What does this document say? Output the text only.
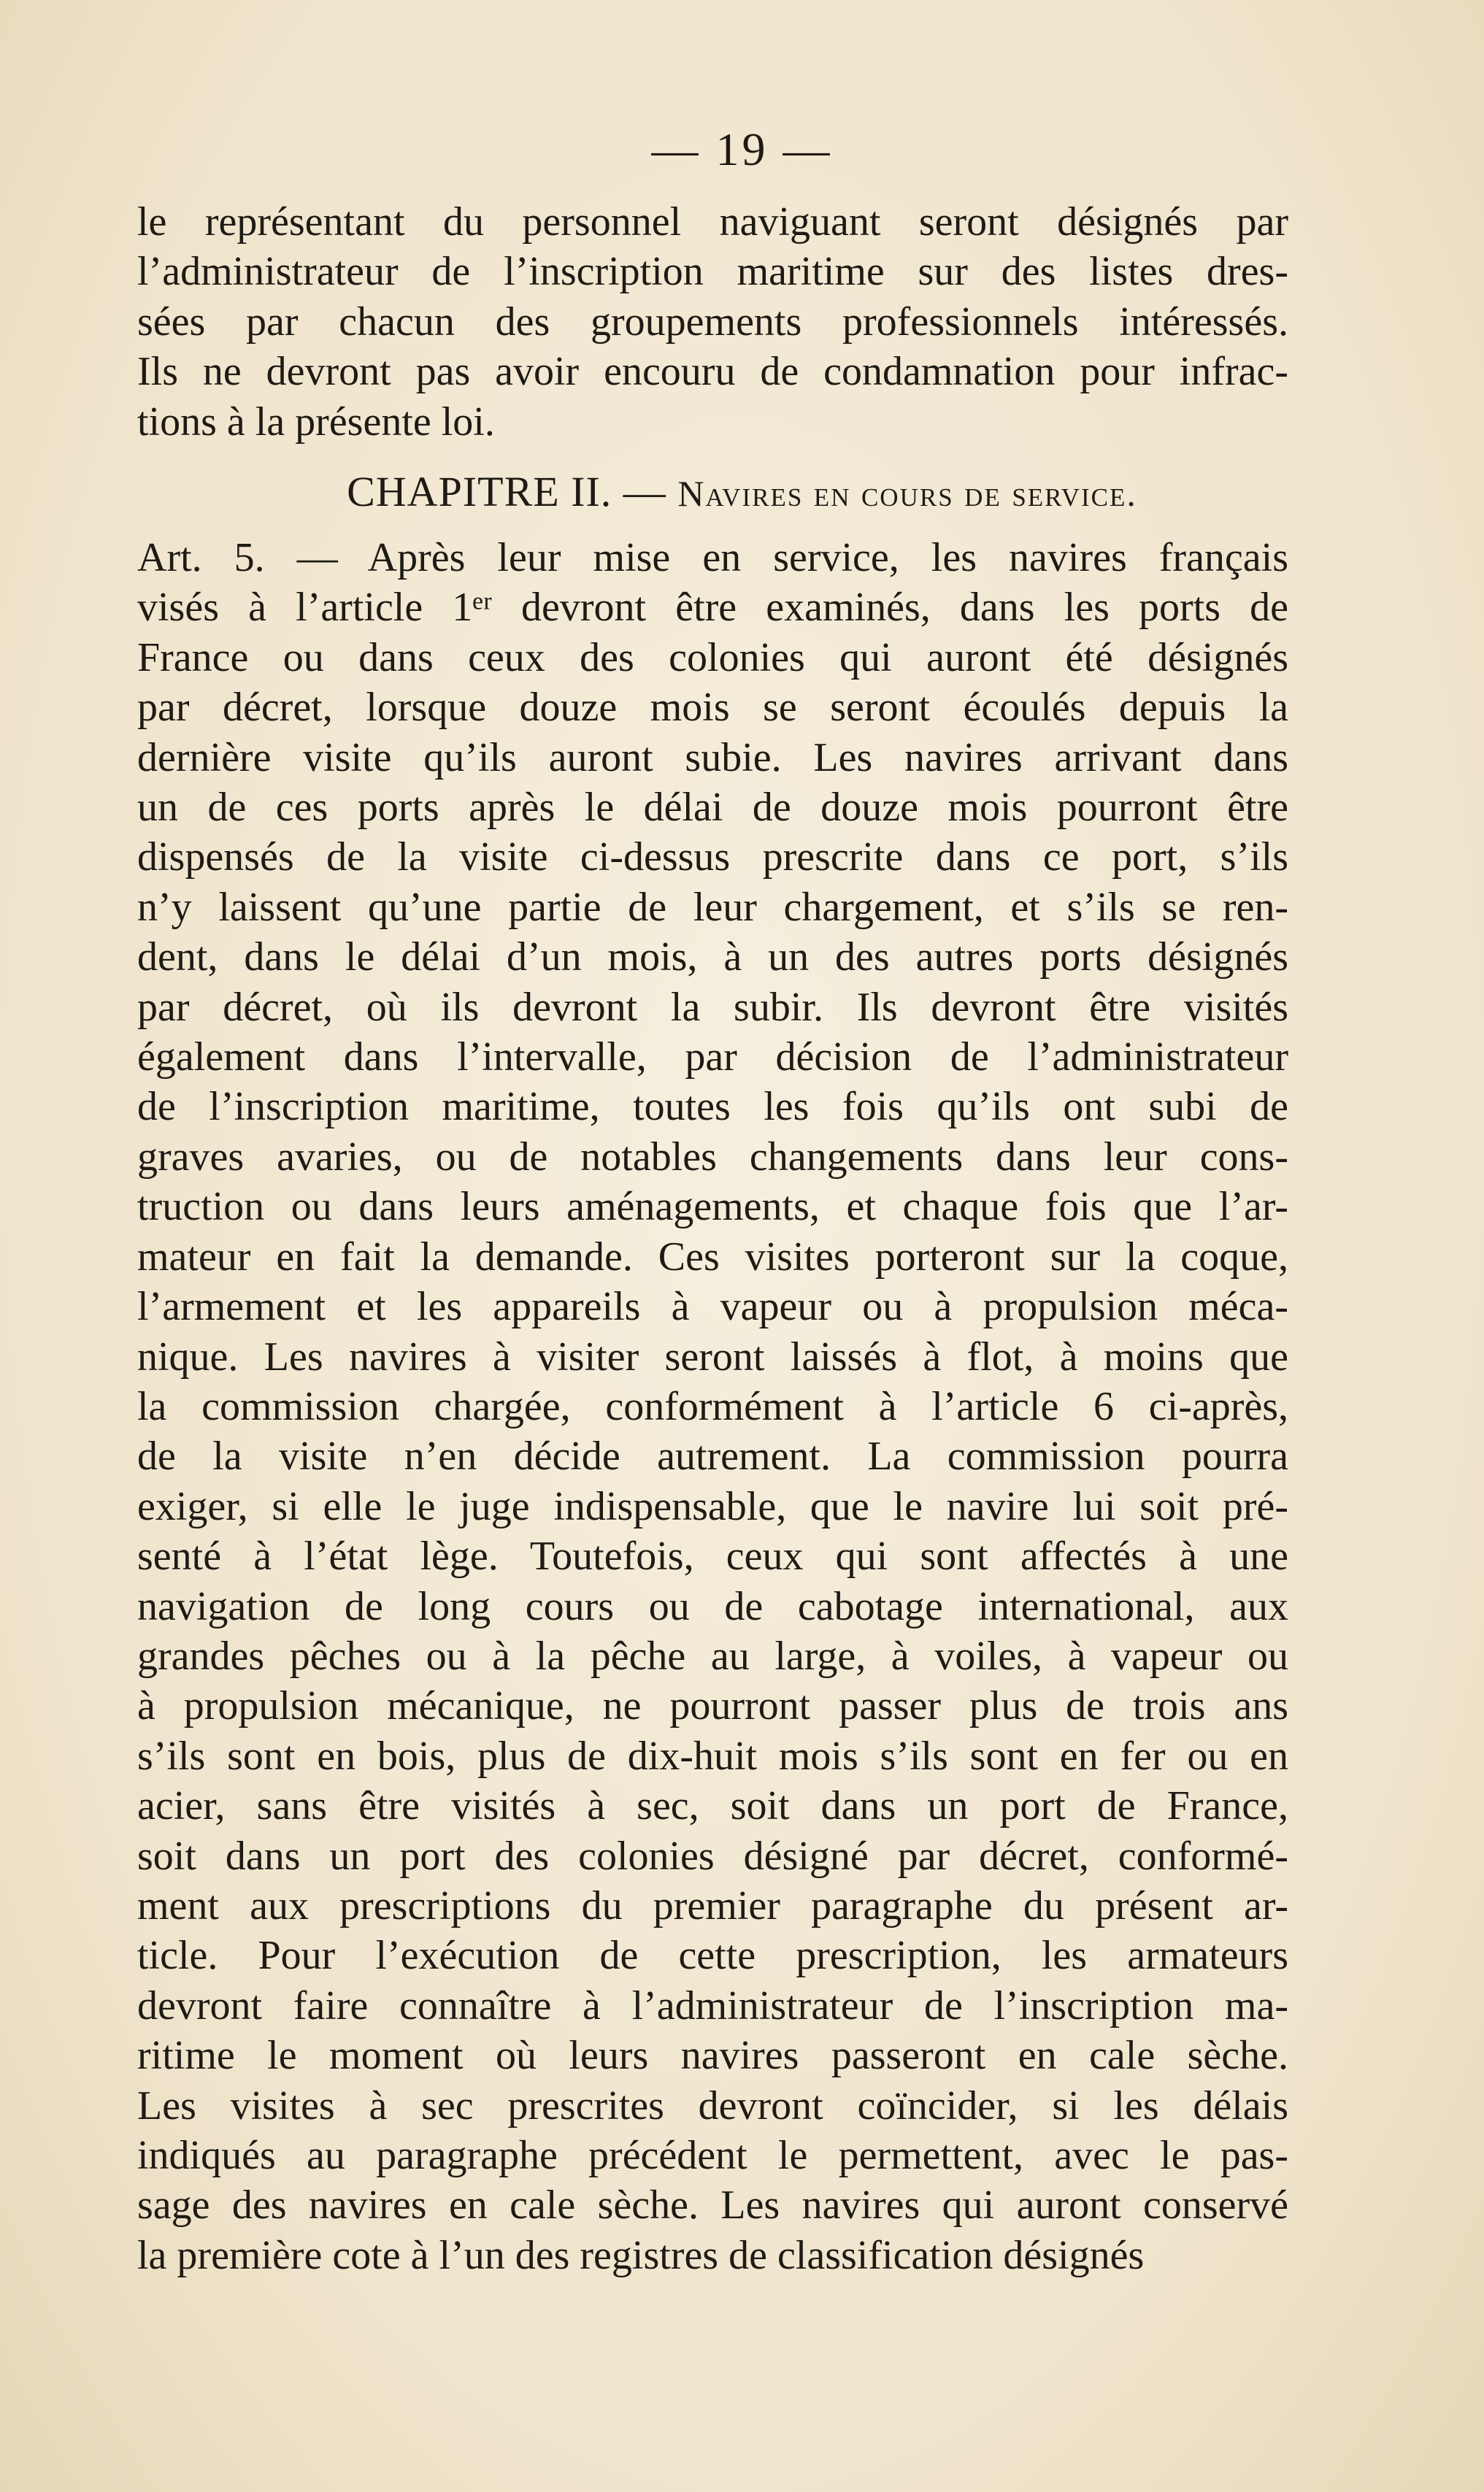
— 19 —
le représentant du personnel naviguant seront désignés par
l’administrateur de l’inscription maritime sur des listes dres-
sées par chacun des groupements professionnels intéressés.
Ils ne devront pas avoir encouru de condamnation pour infrac-
tions à la présente loi.
CHAPITRE II. — Navires en cours de service.
Art. 5. — Après leur mise en service, les navires français
visés à l’article 1ᵉʳ devront être examinés, dans les ports de
France ou dans ceux des colonies qui auront été désignés
par décret, lorsque douze mois se seront écoulés depuis la
dernière visite qu’ils auront subie. Les navires arrivant dans
un de ces ports après le délai de douze mois pourront être
dispensés de la visite ci-dessus prescrite dans ce port, s’ils
n’y laissent qu’une partie de leur chargement, et s’ils se ren-
dent, dans le délai d’un mois, à un des autres ports désignés
par décret, où ils devront la subir. Ils devront être visités
également dans l’intervalle, par décision de l’administrateur
de l’inscription maritime, toutes les fois qu’ils ont subi de
graves avaries, ou de notables changements dans leur cons-
truction ou dans leurs aménagements, et chaque fois que l’ar-
mateur en fait la demande. Ces visites porteront sur la coque,
l’armement et les appareils à vapeur ou à propulsion méca-
nique. Les navires à visiter seront laissés à flot, à moins que
la commission chargée, conformément à l’article 6 ci-après,
de la visite n’en décide autrement. La commission pourra
exiger, si elle le juge indispensable, que le navire lui soit pré-
senté à l’état lège. Toutefois, ceux qui sont affectés à une
navigation de long cours ou de cabotage international, aux
grandes pêches ou à la pêche au large, à voiles, à vapeur ou
à propulsion mécanique, ne pourront passer plus de trois ans
s’ils sont en bois, plus de dix-huit mois s’ils sont en fer ou en
acier, sans être visités à sec, soit dans un port de France,
soit dans un port des colonies désigné par décret, conformé-
ment aux prescriptions du premier paragraphe du présent ar-
ticle. Pour l’exécution de cette prescription, les armateurs
devront faire connaître à l’administrateur de l’inscription ma-
ritime le moment où leurs navires passeront en cale sèche.
Les visites à sec prescrites devront coïncider, si les délais
indiqués au paragraphe précédent le permettent, avec le pas-
sage des navires en cale sèche. Les navires qui auront conservé
la première cote à l’un des registres de classification désignés
